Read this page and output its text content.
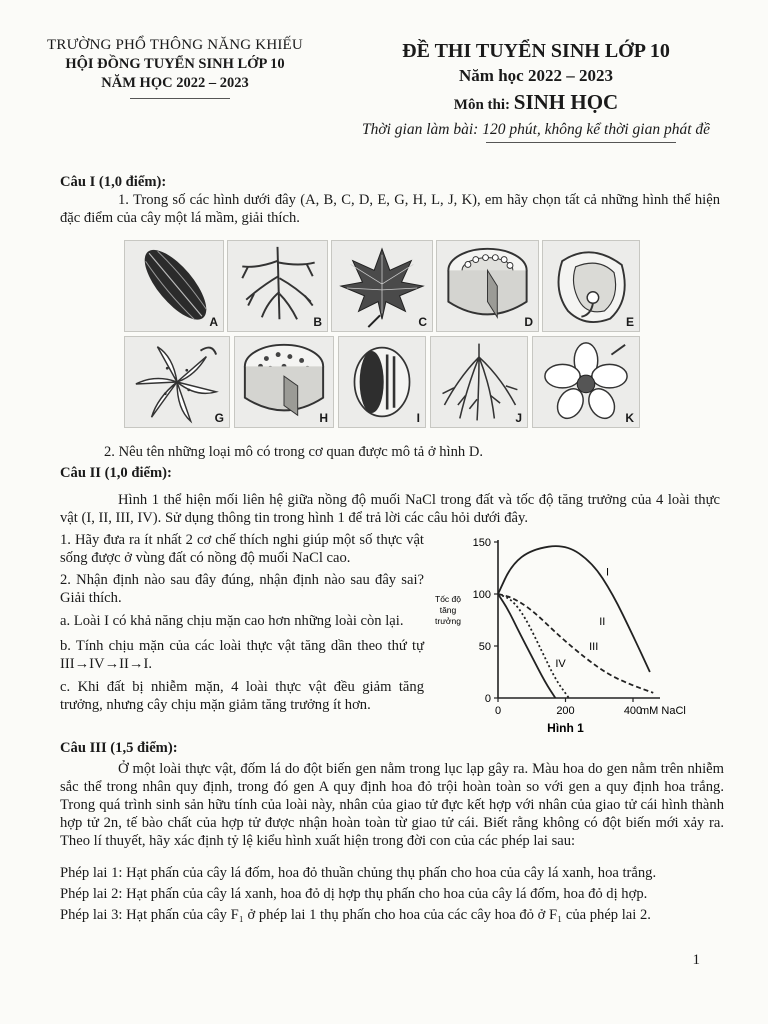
TRƯỜNG PHỔ THÔNG NĂNG KHIẾU
HỘI ĐỒNG TUYỂN SINH LỚP 10
NĂM HỌC 2022 – 2023
ĐỀ THI TUYỂN SINH LỚP 10
Năm học 2022 – 2023
Môn thi: SINH HỌC
Thời gian làm bài: 120 phút, không kể thời gian phát đề
Câu I (1,0 điểm):
1. Trong số các hình dưới đây (A, B, C, D, E, G, H, L, J, K), em hãy chọn tất cả những hình thể hiện đặc điểm của cây một lá mầm, giải thích.
A	B	C	D	E
G	H	I	J	K
2. Nêu tên những loại mô có trong cơ quan được mô tả ở hình D.
Câu II (1,0 điểm):
Hình 1 thể hiện mối liên hệ giữa nồng độ muối NaCl trong đất và tốc độ tăng trưởng của 4 loài thực vật (I, II, III, IV). Sử dụng thông tin trong hình 1 để trả lời các câu hỏi dưới đây.
1. Hãy đưa ra ít nhất 2 cơ chế thích nghi giúp một số thực vật sống được ở vùng đất có nồng độ muối NaCl cao.
2. Nhận định nào sau đây đúng, nhận định nào sau đây sai? Giải thích.
a. Loài I có khả năng chịu mặn cao hơn những loài còn lại.
b. Tính chịu mặn của các loài thực vật tăng dần theo thứ tự III→IV→II→I.
c. Khi đất bị nhiễm mặn, 4 loài thực vật đều giảm tăng trưởng, nhưng cây chịu mặn giảm tăng trưởng ít hơn.	0
50
100
150
0	200	400
mM NaCl
Tốc độ tăng trưởng
I
II
III
IV
Hình 1
Câu III (1,5 điểm):
Ở một loài thực vật, đốm lá do đột biến gen nằm trong lục lạp gây ra. Màu hoa do gen nằm trên nhiễm sắc thể trong nhân quy định, trong đó gen A quy định hoa đỏ trội hoàn toàn so với gen a quy định hoa trắng. Trong quá trình sinh sản hữu tính của loài này, nhân của giao tử đực kết hợp với nhân của giao tử cái hình thành hợp tử 2n, tế bào chất của hợp tử được nhận hoàn toàn từ giao tử cái. Biết rằng không có đột biến mới xảy ra. Theo lí thuyết, hãy xác định tỷ lệ kiểu hình xuất hiện trong đời con của các phép lai sau:
Phép lai 1: Hạt phấn của cây lá đốm, hoa đỏ thuần chủng thụ phấn cho hoa của cây lá xanh, hoa trắng.
Phép lai 2: Hạt phấn của cây lá xanh, hoa đỏ dị hợp thụ phấn cho hoa của cây lá đốm, hoa đỏ dị hợp.
Phép lai 3: Hạt phấn của cây F₁ ở phép lai 1 thụ phấn cho hoa của các cây hoa đỏ ở F₁ của phép lai 2.
1
